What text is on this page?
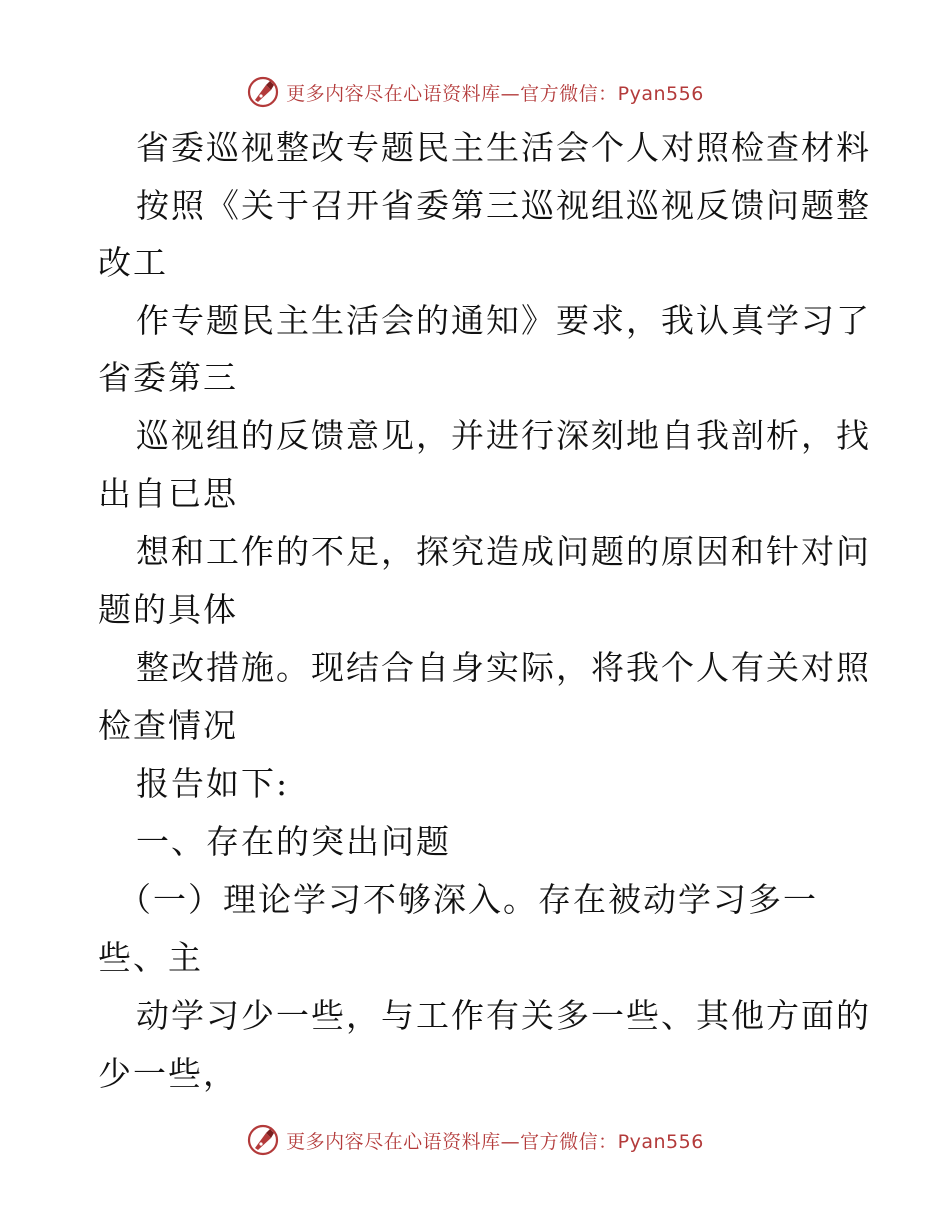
更多内容尽在心语资料库—官方微信：Pyan556
省委巡视整改专题民主生活会个人对照检查材料
按照《关于召开省委第三巡视组巡视反馈问题整
改工
作专题民主生活会的通知》要求，我认真学习了
省委第三
巡视组的反馈意见，并进行深刻地自我剖析，找
出自已思
想和工作的不足，探究造成问题的原因和针对问
题的具体
整改措施。现结合自身实际，将我个人有关对照
检查情况
报告如下:
一、存在的突出问题
（一）理论学习不够深入。存在被动学习多一
些、主
动学习少一些，与工作有关多一些、其他方面的
少一些，
更多内容尽在心语资料库—官方微信：Pyan556
